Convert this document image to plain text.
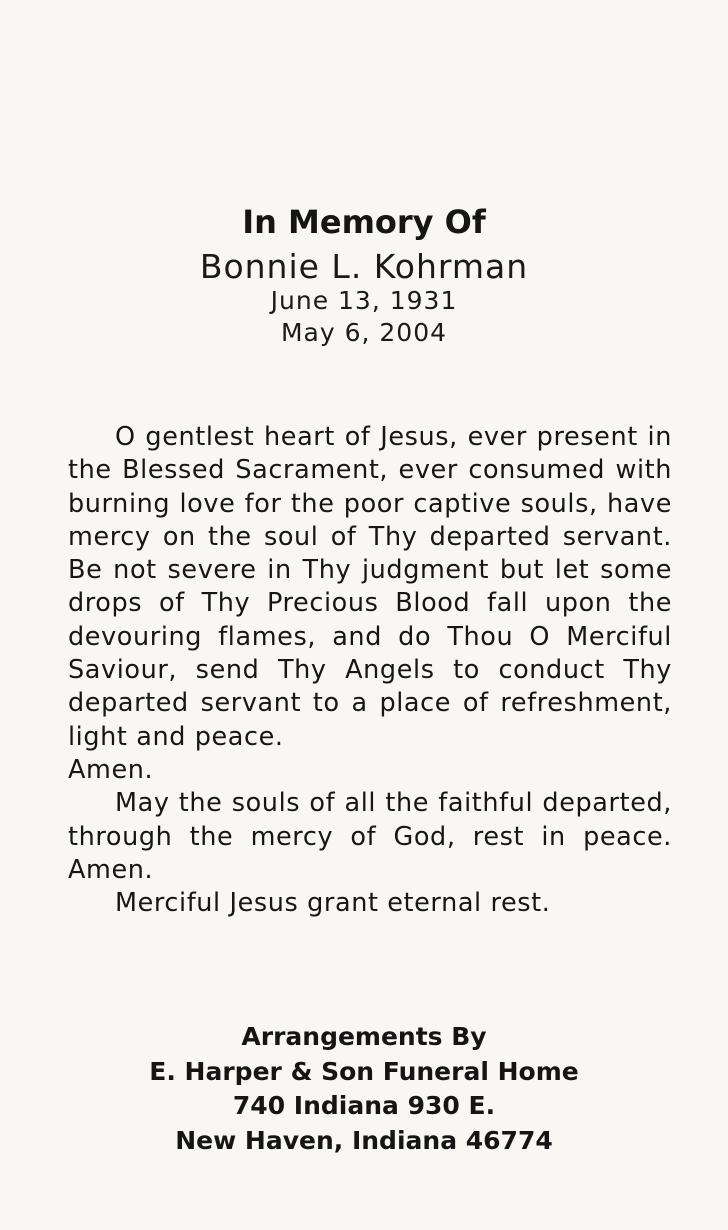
In Memory Of
Bonnie L. Kohrman
June 13, 1931
May 6, 2004

O gentlest heart of Jesus, ever present in the Blessed Sacrament, ever consumed with burning love for the poor captive souls, have mercy on the soul of Thy departed servant. Be not severe in Thy judgment but let some drops of Thy Precious Blood fall upon the devouring flames, and do Thou O Merciful Saviour, send Thy Angels to conduct Thy departed servant to a place of refreshment, light and peace.

Amen.

May the souls of all the faithful departed, through the mercy of God, rest in peace. Amen.

Merciful Jesus grant eternal rest.

Arrangements By
E. Harper & Son Funeral Home
740 Indiana 930 E.
New Haven, Indiana 46774
